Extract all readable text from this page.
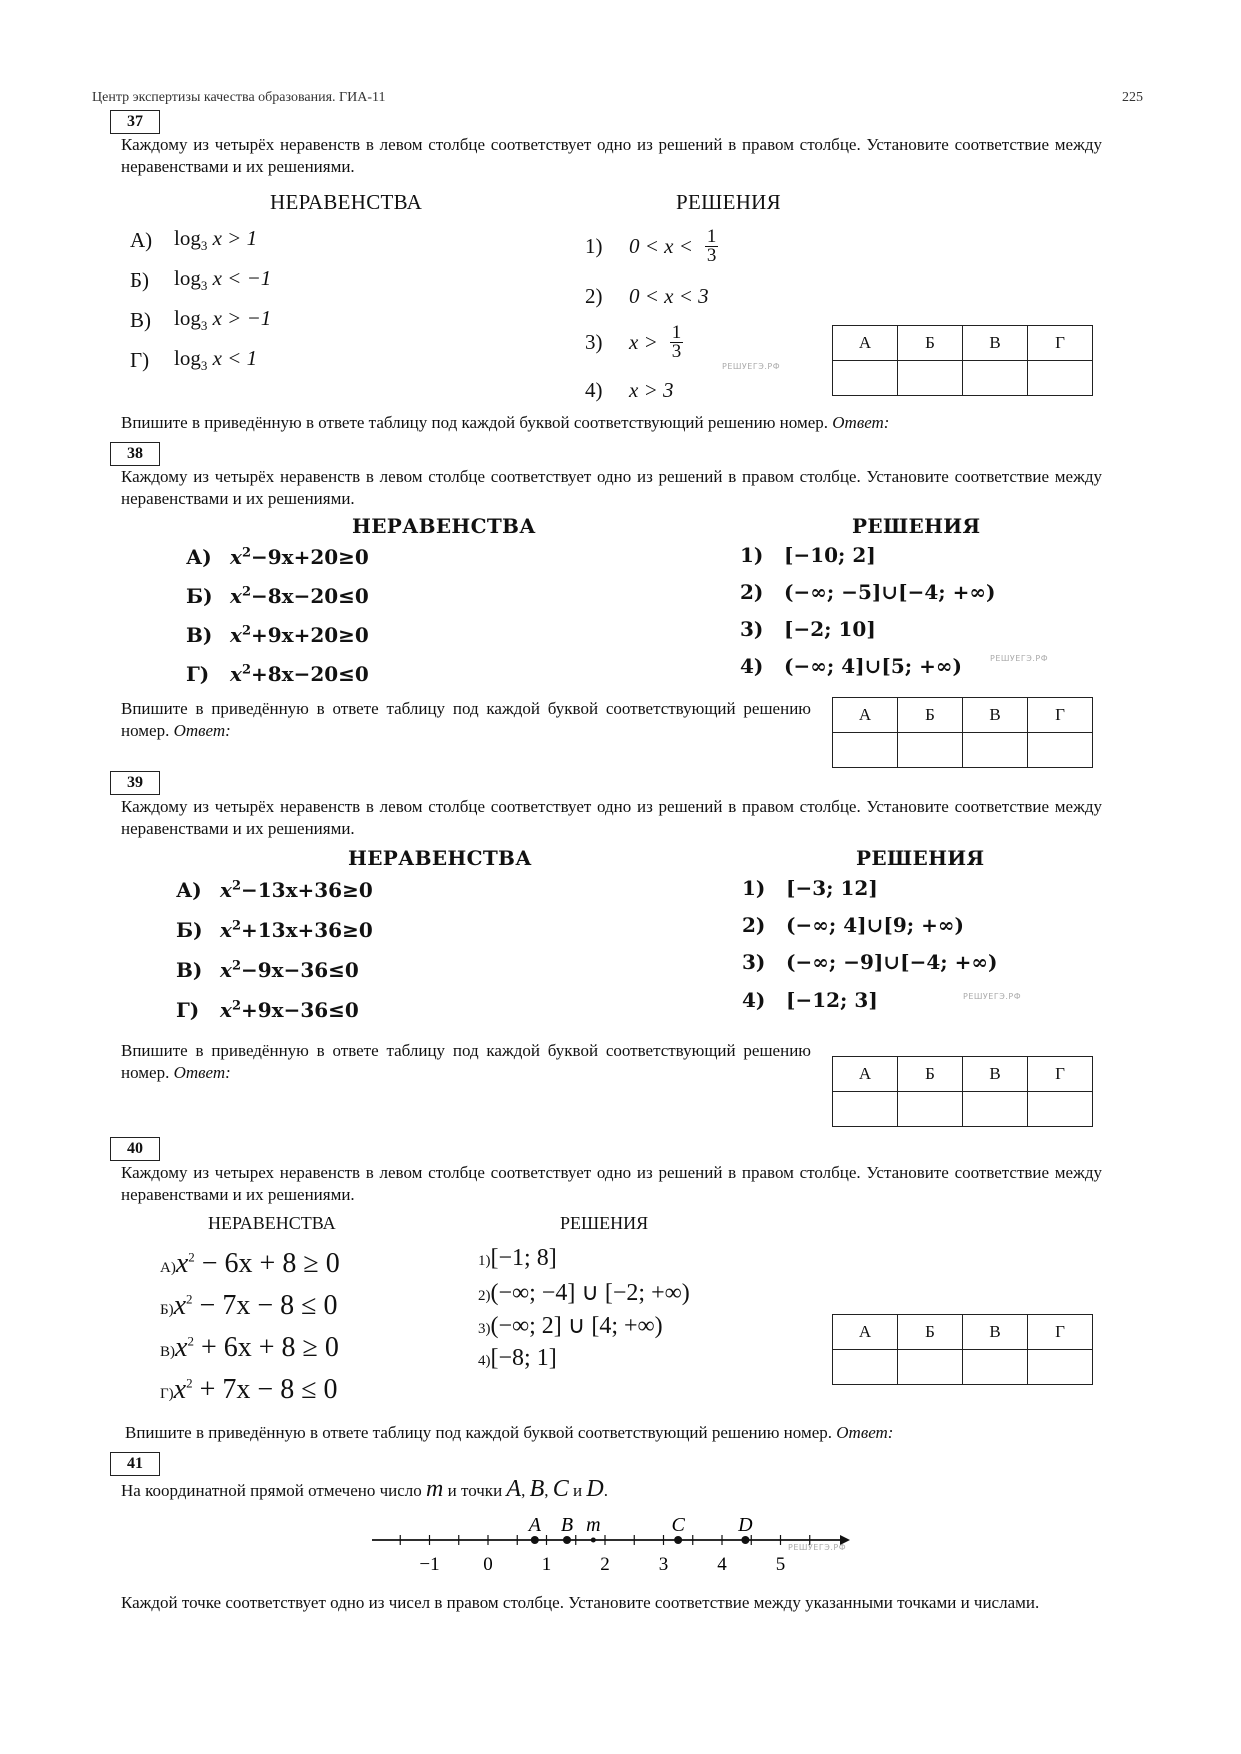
Центр экспертизы качества образования. ГИА-11	225
37
Каждому из четырёх неравенств в левом столбце соответствует одно из решений в правом столбце. Установите соответствие между неравенствами и их решениями.
НЕРАВЕНСТВА	РЕШЕНИЯ
А)	$\log_3 x > 1$
Б)	$\log_3 x < -1$
В)	$\log_3 x > -1$
Г)	$\log_3 x < 1$
1)	$0 < x < \frac{1}{3}$
2)	0 < x < 3
3)	$x > \frac{1}{3}$
4)	x > 3
РЕШУЕГЭ.РФ
А	Б	В	Г

Впишите в приведённую в ответе таблицу под каждой буквой соответствующий решению номер. Ответ:
38
Каждому из четырёх неравенств в левом столбце соответствует одно из решений в правом столбце. Установите соответствие между неравенствами и их решениями.
НЕРАВЕНСТВА	РЕШЕНИЯ
А) $x^2-9x+20\ge 0$
Б) $x^2-8x-20\le 0$
В) $x^2+9x+20\ge 0$
Г)	$x^2+8x-20\le 0$
1)	[−10; 2]
2)	(−∞; −5]∪[−4; +∞)
3)	[−2; 10]
4)	(−∞; 4]∪[5; +∞)	РЕШУЕГЭ.РФ
Впишите в приведённую в ответе таблицу под каждой буквой соответствующий решению номер. Ответ:
А	Б	В	Г

39
Каждому из четырёх неравенств в левом столбце соответствует одно из решений в правом столбце. Установите соответствие между неравенствами и их решениями.
НЕРАВЕНСТВА	РЕШЕНИЯ
А) $x^2-13x+36\ge 0$
Б) $x^2+13x+36\ge 0$
В) $x^2-9x-36\le 0$
Г)	$x^2+9x-36\le 0$
1)	[−3; 12]
2)	(−∞; 4]∪[9; +∞)
3)	(−∞; −9]∪[−4; +∞)
4)	[−12; 3]	РЕШУЕГЭ.РФ
Впишите в приведённую в ответе таблицу под каждой буквой соответствующий решению номер. Ответ:	А	Б	В	Г

40
Каждому из четырех неравенств в левом столбце соответствует одно из решений в правом столбце. Установите соответствие между неравенствами и их решениями.
НЕРАВЕНСТВА	РЕШЕНИЯ
$А)x^2 - 6x + 8 \ge 0$
$Б)x^2 - 7x - 8 \le 0$
$В)x^2 + 6x + 8 \ge 0$
$Г)x^2 + 7x - 8 \le 0$
1)[−1; 8]
2)(−∞; −4] ∪ [−2; +∞)
3)(−∞; 2] ∪ [4; +∞)
4)[−8; 1]
А	Б	В	Г

Впишите в приведённую в ответе таблицу под каждой буквой соответствующий решению номер. Ответ:
41
На координатной прямой отмечено число m и точки A, B, C и D.
−1 0	1	2	3	4	5
A B m	C	D
РЕШУЕГЭ.РФ
Каждой точке соответствует одно из чисел в правом столбце. Установите соответствие между указанными точками и числами.
